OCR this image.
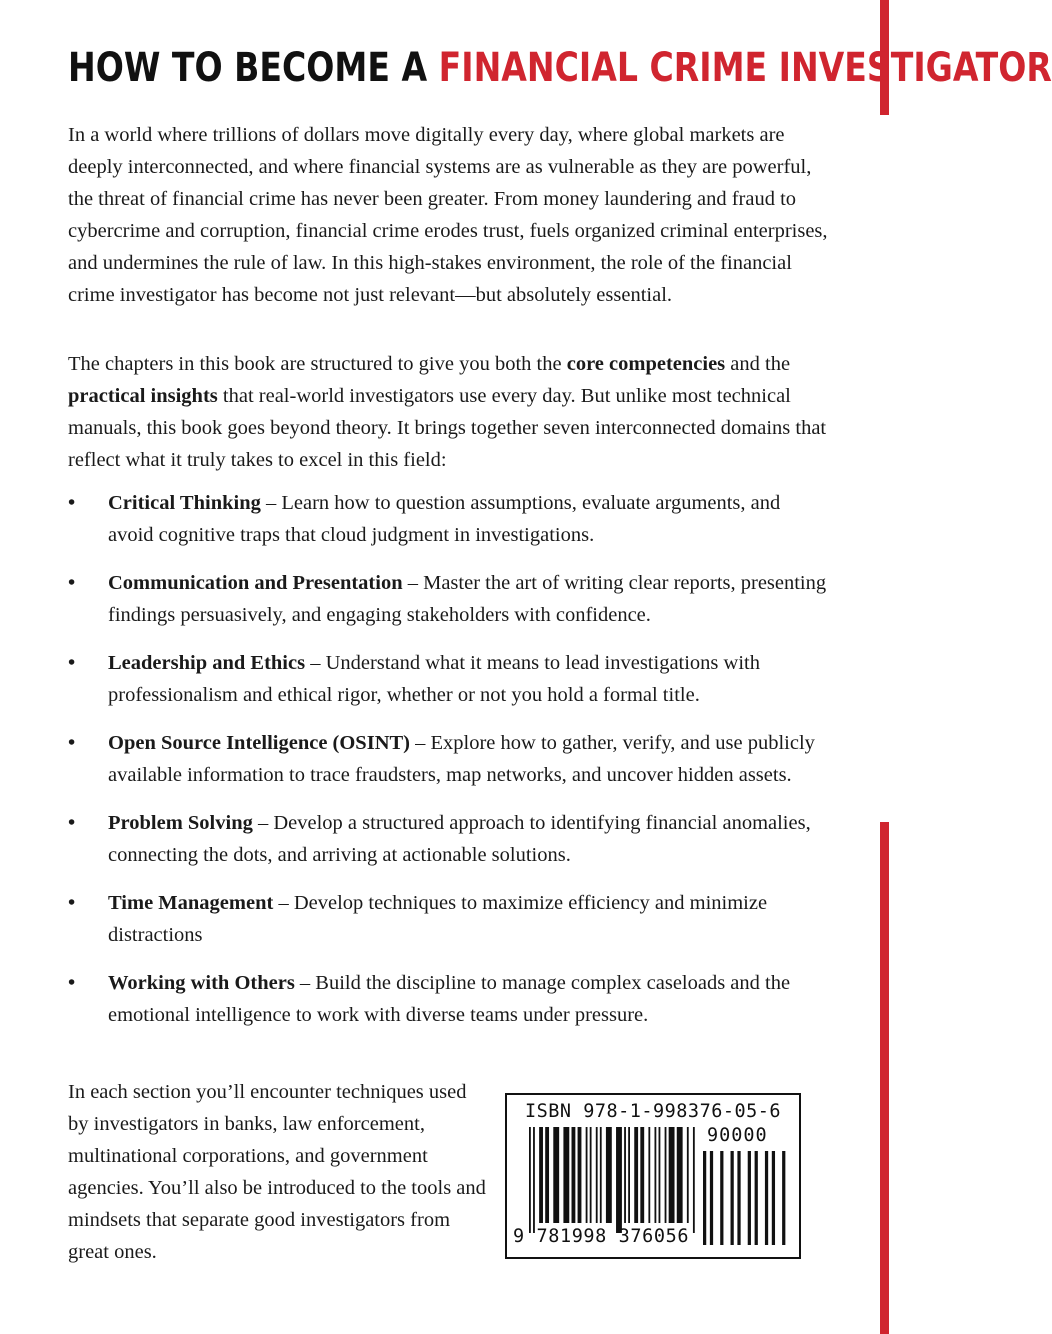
HOW TO BECOME A FINANCIAL CRIME INVESTIGATOR

In a world where trillions of dollars move digitally every day, where global markets are deeply interconnected, and where financial systems are as vulnerable as they are powerful, the threat of financial crime has never been greater. From money laundering and fraud to cybercrime and corruption, financial crime erodes trust, fuels organized criminal enterprises, and undermines the rule of law. In this high-stakes environment, the role of the financial crime investigator has become not just relevant—but absolutely essential.

The chapters in this book are structured to give you both the core competencies and the practical insights that real-world investigators use every day. But unlike most technical manuals, this book goes beyond theory. It brings together seven interconnected domains that reflect what it truly takes to excel in this field:

• Critical Thinking – Learn how to question assumptions, evaluate arguments, and avoid cognitive traps that cloud judgment in investigations.
• Communication and Presentation – Master the art of writing clear reports, presenting findings persuasively, and engaging stakeholders with confidence.
• Leadership and Ethics – Understand what it means to lead investigations with professionalism and ethical rigor, whether or not you hold a formal title.
• Open Source Intelligence (OSINT) – Explore how to gather, verify, and use publicly available information to trace fraudsters, map networks, and uncover hidden assets.
• Problem Solving – Develop a structured approach to identifying financial anomalies, connecting the dots, and arriving at actionable solutions.
• Time Management – Develop techniques to maximize efficiency and minimize distractions
• Working with Others – Build the discipline to manage complex caseloads and the emotional intelligence to work with diverse teams under pressure.

In each section you’ll encounter techniques used by investigators in banks, law enforcement, multinational corporations, and government agencies. You’ll also be introduced to the tools and mindsets that separate good investigators from great ones.

ISBN 978-1-998376-05-6
90000
9 781998 376056
